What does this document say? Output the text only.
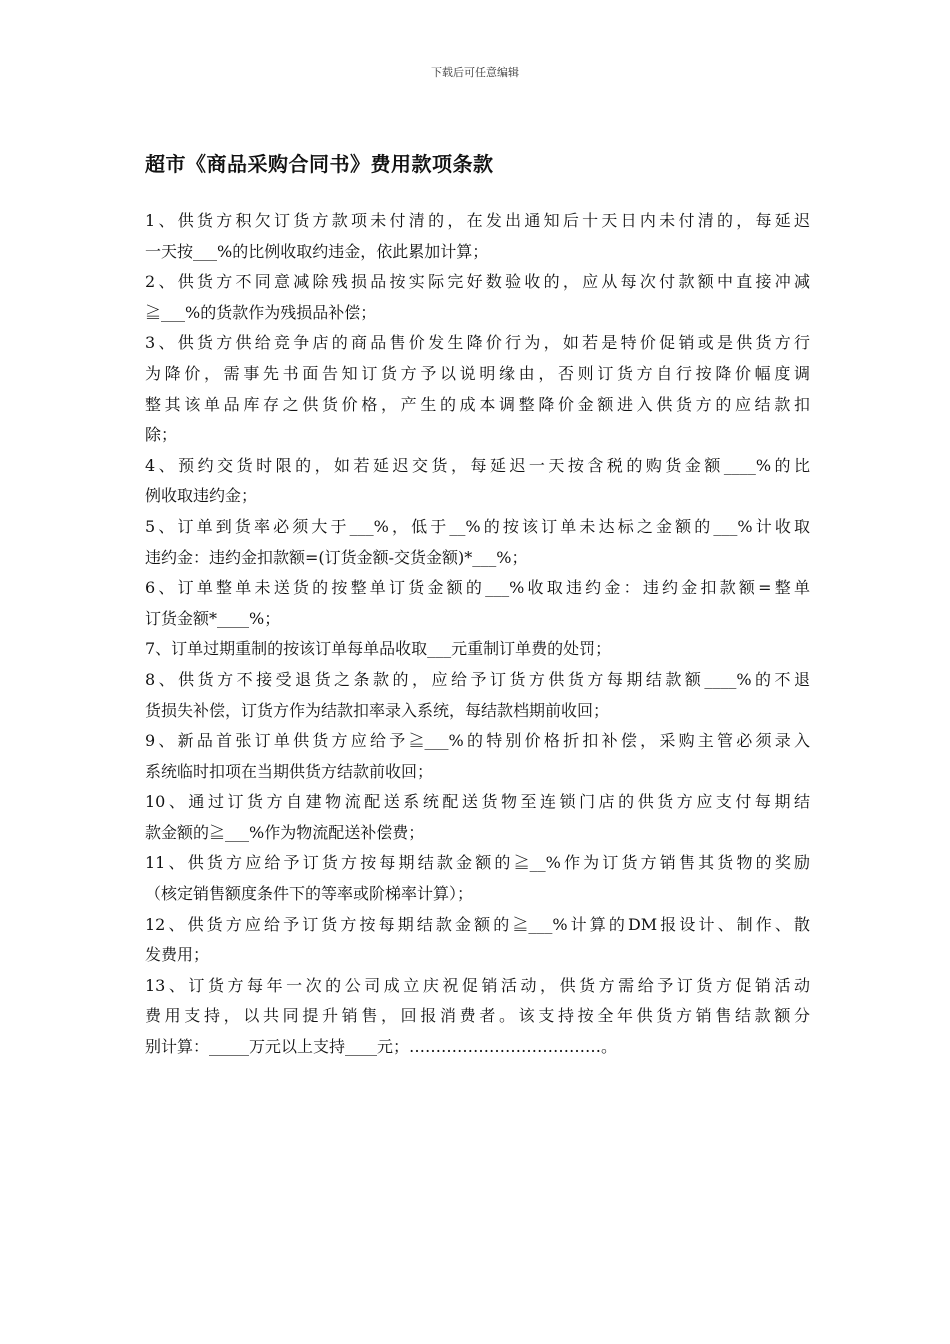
下载后可任意编辑
超市《商品采购合同书》费用款项条款
1、供货方积欠订货方款项未付清的，在发出通知后十天日内未付清的，每延迟
一天按___%的比例收取约违金，依此累加计算；
2、供货方不同意减除残损品按实际完好数验收的，应从每次付款额中直接冲减
≧___%的货款作为残损品补偿；
3、供货方供给竞争店的商品售价发生降价行为，如若是特价促销或是供货方行
为降价，需事先书面告知订货方予以说明缘由，否则订货方自行按降价幅度调
整其该单品库存之供货价格，产生的成本调整降价金额进入供货方的应结款扣
除；
4、预约交货时限的，如若延迟交货，每延迟一天按含税的购货金额____%的比
例收取违约金；
5、订单到货率必须大于___%，低于__%的按该订单未达标之金额的___%计收取
违约金：违约金扣款额=(订货金额-交货金额)*___%；
6、订单整单未送货的按整单订货金额的___%收取违约金：违约金扣款额=整单
订货金额*____%；
7、订单过期重制的按该订单每单品收取___元重制订单费的处罚；
8、供货方不接受退货之条款的，应给予订货方供货方每期结款额____%的不退
货损失补偿，订货方作为结款扣率录入系统，每结款档期前收回；
9、新品首张订单供货方应给予≧___%的特别价格折扣补偿，采购主管必须录入
系统临时扣项在当期供货方结款前收回；
10、通过订货方自建物流配送系统配送货物至连锁门店的供货方应支付每期结
款金额的≧___%作为物流配送补偿费；
11、供货方应给予订货方按每期结款金额的≧__%作为订货方销售其货物的奖励
（核定销售额度条件下的等率或阶梯率计算）；
12、供货方应给予订货方按每期结款金额的≧___%计算的DM报设计、制作、散
发费用；
13、订货方每年一次的公司成立庆祝促销活动，供货方需给予订货方促销活动
费用支持，以共同提升销售，回报消费者。该支持按全年供货方销售结款额分
别计算：_____万元以上支持____元；………………………………。
